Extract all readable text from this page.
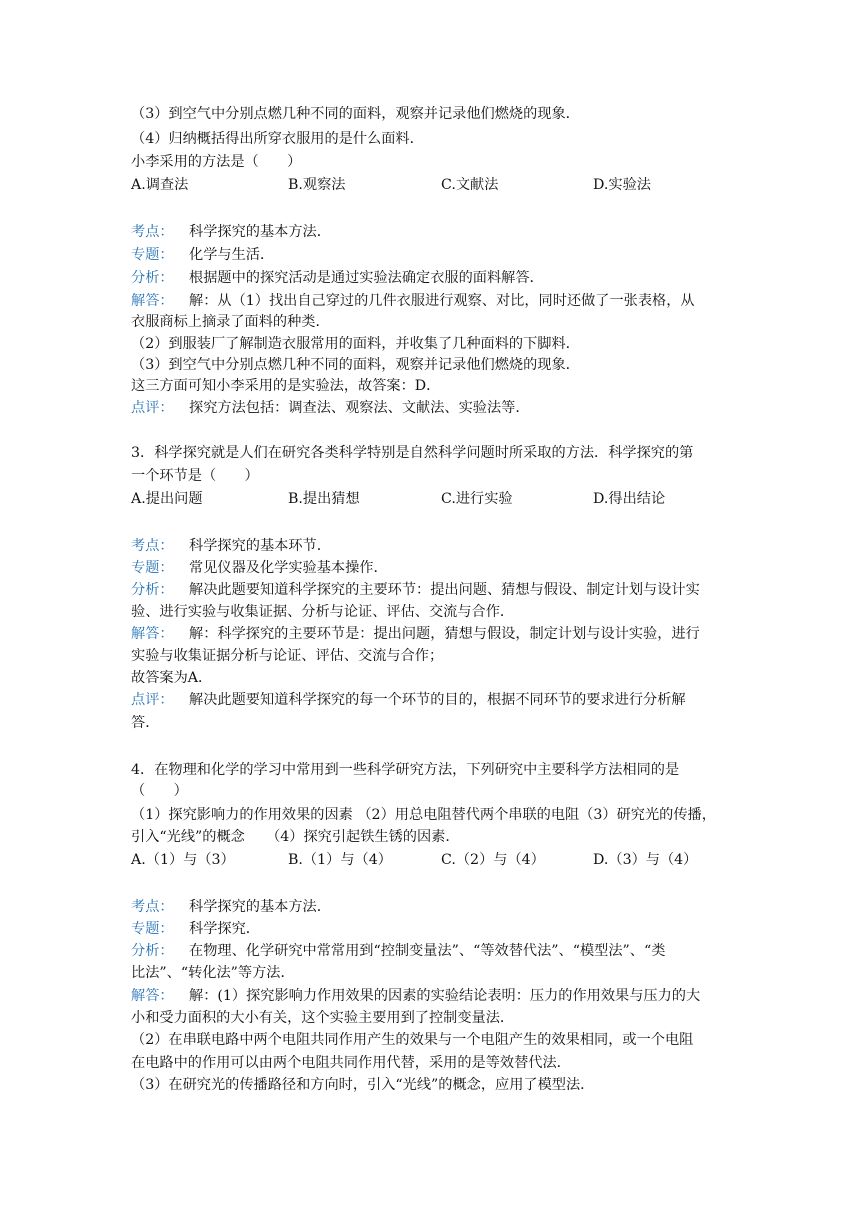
（3）到空气中分别点燃几种不同的面料，观察并记录他们燃烧的现象．
（4）归纳概括得出所穿衣服用的是什么面料．
小李采用的方法是（　　）
A.调查法	B.观察法	C.文献法	D.实验法
考点： 科学探究的基本方法．
专题： 化学与生活．
分析： 根据题中的探究活动是通过实验法确定衣服的面料解答．
解答： 解：从（1）找出自己穿过的几件衣服进行观察、对比，同时还做了一张表格，从
衣服商标上摘录了面料的种类．
（2）到服装厂了解制造衣服常用的面料，并收集了几种面料的下脚料．
（3）到空气中分别点燃几种不同的面料，观察并记录他们燃烧的现象．
这三方面可知小李采用的是实验法，故答案：D．
点评： 探究方法包括：调查法、观察法、文献法、实验法等．
3．科学探究就是人们在研究各类科学特别是自然科学问题时所采取的方法．科学探究的第
一个环节是（　　）
A.提出问题	B.提出猜想	C.进行实验	D.得出结论
考点： 科学探究的基本环节．
专题： 常见仪器及化学实验基本操作．
分析： 解决此题要知道科学探究的主要环节：提出问题、猜想与假设、制定计划与设计实
验、进行实验与收集证据、分析与论证、评估、交流与合作．
解答： 解：科学探究的主要环节是：提出问题，猜想与假设，制定计划与设计实验，进行
实验与收集证据分析与论证、评估、交流与合作；
故答案为A．
点评： 解决此题要知道科学探究的每一个环节的目的，根据不同环节的要求进行分析解
答．
4．在物理和化学的学习中常用到一些科学研究方法，下列研究中主要科学方法相同的是
（　　）
（1）探究影响力的作用效果的因素 （2）用总电阻替代两个串联的电阻（3）研究光的传播，
引入“光线”的概念　　（4）探究引起铁生锈的因素．
A.（1）与（3）	B.（1）与（4）	C.（2）与（4）	D.（3）与（4）
考点： 科学探究的基本方法．
专题： 科学探究．
分析： 在物理、化学研究中常常用到“控制变量法”、“等效替代法”、“模型法”、“类
比法”、“转化法”等方法．
解答： 解：(1）探究影响力作用效果的因素的实验结论表明：压力的作用效果与压力的大
小和受力面积的大小有关，这个实验主要用到了控制变量法．
（2）在串联电路中两个电阻共同作用产生的效果与一个电阻产生的效果相同，或一个电阻
在电路中的作用可以由两个电阻共同作用代替，采用的是等效替代法．
（3）在研究光的传播路径和方向时，引入“光线”的概念，应用了模型法．
